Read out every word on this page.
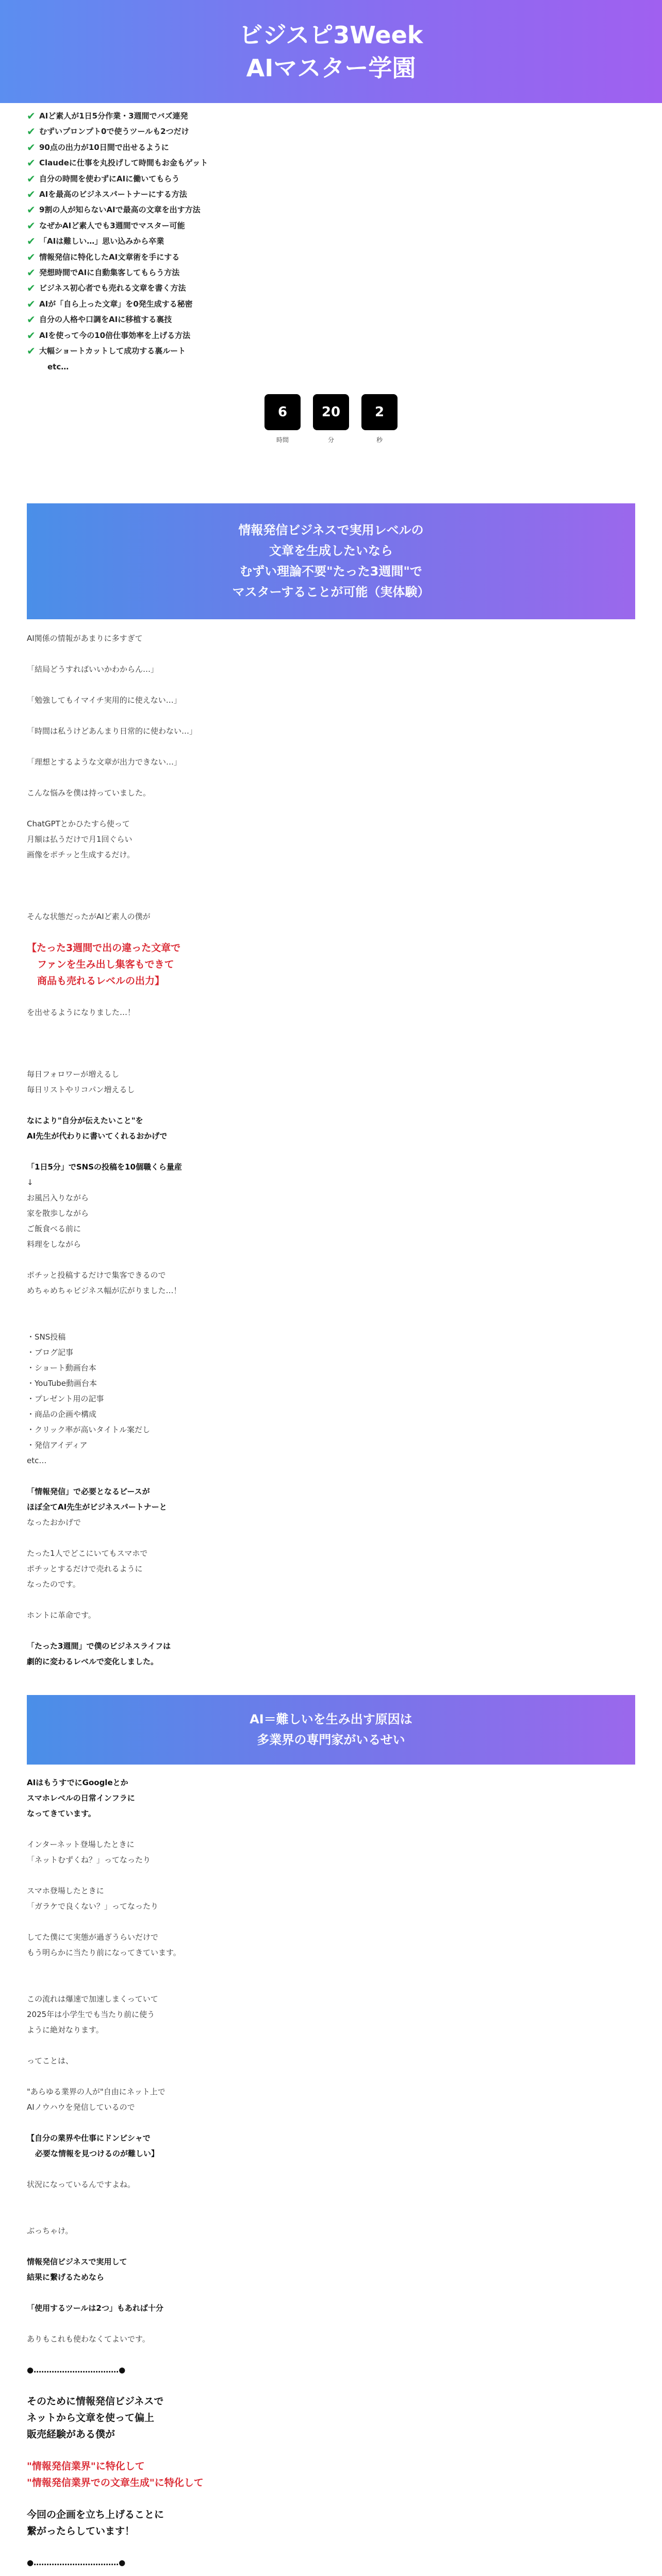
ビジスピ3Week
AIマスター学園
✔ AIど素人が1日5分作業・3週間でバズ連発
✔ むずいプロンプト0で使うツールも2つだけ
✔ 90点の出力が10日間で出せるように
✔ Claudeに仕事を丸投げして時間もお金もゲット
✔ 自分の時間を使わずにAIに働いてもらう
✔ AIを最高のビジネスパートナーにする方法
✔ 9割の人が知らないAIで最高の文章を出す方法
✔ なぜかAIど素人でも3週間でマスター可能
✔ 「AIは難しい…」思い込みから卒業
✔ 情報発信に特化したAI文章術を手にする
✔ 発想時間でAIに自動集客してもらう方法
✔ ビジネス初心者でも売れる文章を書く方法
✔ AIが「自ら上った文章」を0発生成する秘密
✔ 自分の人格や口調をAIに移植する裏技
✔ AIを使って今の10倍仕事効率を上げる方法
✔ 大幅ショートカットして成功する裏ルート
etc…
6
時間
20
分
2
秒

情報発信ビジネスで実用レベルの

文章を生成したいなら

むずい理論不要"たった3週間"で

マスターすることが可能（実体験）

AI関係の情報があまりに多すぎて

「結局どうすればいいかわからん…」

「勉強してもイマイチ実用的に使えない…」

「時間は私うけどあんまり日常的に使わない…」

「理想とするような文章が出力できない…」

こんな悩みを僕は持っていました。

ChatGPTとかひたすら使って

月額は払うだけで月1回ぐらい

画像をポチッと生成するだけ。

そんな状態だったがAIど素人の僕が

【たった3週間で出の違った文章で

ファンを生み出し集客もできて

商品も売れるレベルの出力】

を出せるようになりました…！

毎日フォロワーが増えるし

毎日リストやリコパン増えるし

なにより"自分が伝えたいこと"を

AI先生が代わりに書いてくれるおかげで

「1日5分」でSNSの投稿を10個職くら量産

↓

お風呂入りながら

家を散歩しながら

ご飯食べる前に

料理をしながら

ポチッと投稿するだけで集客できるので

めちゃめちゃビジネス幅が広がりました…！

・SNS投稿

・ブログ記事

・ショート動画台本

・YouTube動画台本

・プレゼント用の記事

・商品の企画や構成

・クリック率が高いタイトル案だし

・発信アイディア

etc…

「情報発信」で必要となるピースが

ほぼ全てAI先生がビジネスパートナーと

なったおかげで

たった1人でどこにいてもスマホで

ポチッとするだけで売れるように

なったのです。

ホントに革命です。

「たった3週間」で僕のビジネスライフは

劇的に変わるレベルで変化しました。

AI＝難しいを生み出す原因は

多業界の専門家がいるせい

AIはもうすでにGoogleとか

スマホレベルの日常インフラに

なってきています。

インターネット登場したときに

「ネットむずくね？」ってなったり

スマホ登場したときに

「ガラケで良くない？」ってなったり

してた僕にて実態が過ぎうらいだけで

もう明らかに当たり前になってきています。

この流れは爆速で加速しまくっていて

2025年は小学生でも当たり前に使う

ように絶対なります。

ってことは、

"あらゆる業界の人が"自由にネット上で

AIノウハウを発信しているので

【自分の業界や仕事にドンピシャで

必要な情報を見つけるのが難しい】

状況になっているんですよね。

ぶっちゃけ。

情報発信ビジネスで実用して

結果に繋げるためなら

「使用するツールは2つ」もあれば十分

ありもこれも使わなくてよいです。

●……………………………●

そのために情報発信ビジネスで

ネットから文章を使って偏上

販売経験がある僕が

"情報発信業界"に特化して

"情報発信業界での文章生成"に特化して

今回の企画を立ち上げることに

繋がったらしています！

●……………………………●
